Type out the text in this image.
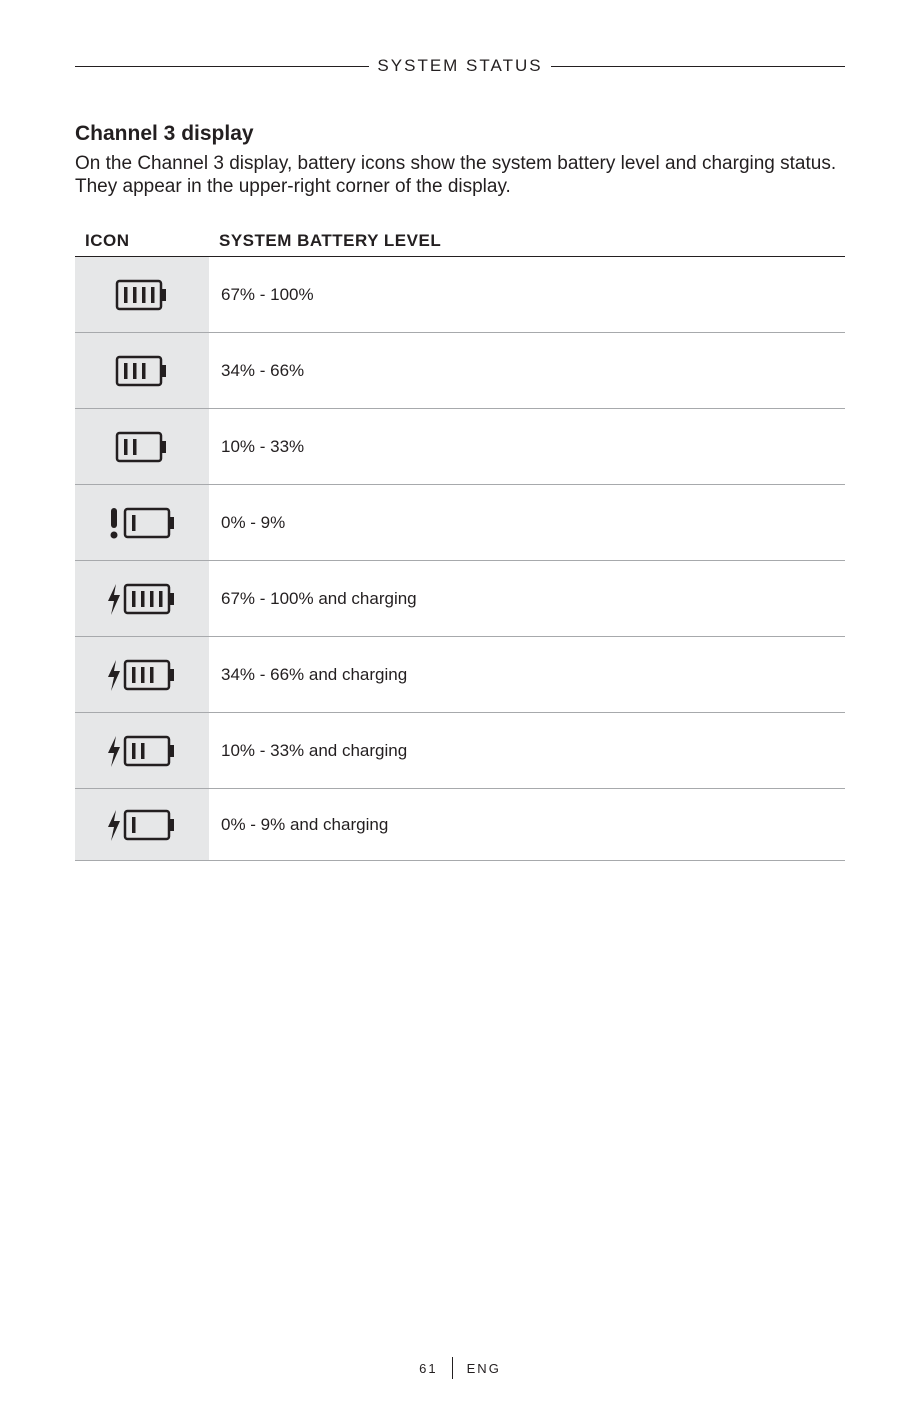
SYSTEM STATUS
Channel 3 display

On the Channel 3 display, battery icons show the system battery level and charging status. They appear in the upper-right corner of the display.

ICON	SYSTEM BATTERY LEVEL
67% - 100%
34% - 66%
10% - 33%
0% - 9%
67% - 100% and charging
34% - 66% and charging
10% - 33% and charging
0% - 9% and charging
61 ENG
